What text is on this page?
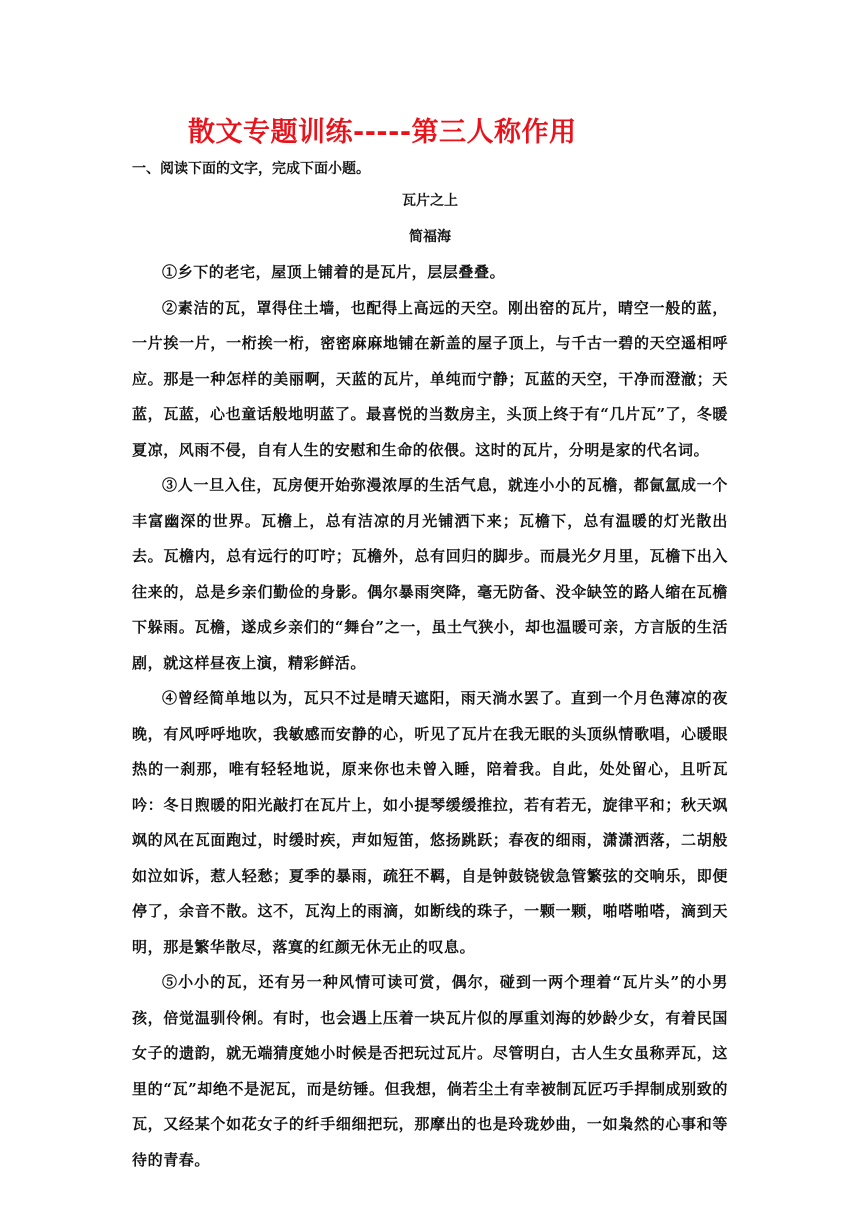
散文专题训练-----第三人称作用

一、阅读下面的文字，完成下面小题。

瓦片之上

简福海

①乡下的老宅，屋顶上铺着的是瓦片，层层叠叠。

②素洁的瓦，罩得住土墙，也配得上高远的天空。刚出窑的瓦片，晴空一般的蓝，一片挨一片，一桁挨一桁，密密麻麻地铺在新盖的屋子顶上，与千古一碧的天空遥相呼应。那是一种怎样的美丽啊，天蓝的瓦片，单纯而宁静；瓦蓝的天空，干净而澄澈；天蓝，瓦蓝，心也童话般地明蓝了。最喜悦的当数房主，头顶上终于有“几片瓦”了，冬暖夏凉，风雨不侵，自有人生的安慰和生命的依偎。这时的瓦片，分明是家的代名词。

③人一旦入住，瓦房便开始弥漫浓厚的生活气息，就连小小的瓦檐，都氤氲成一个丰富幽深的世界。瓦檐上，总有洁凉的月光铺洒下来；瓦檐下，总有温暖的灯光散出去。瓦檐内，总有远行的叮咛；瓦檐外，总有回归的脚步。而晨光夕月里，瓦檐下出入往来的，总是乡亲们勤俭的身影。偶尔暴雨突降，毫无防备、没伞缺笠的路人缩在瓦檐下躲雨。瓦檐，遂成乡亲们的“舞台”之一，虽土气狭小，却也温暖可亲，方言版的生活剧，就这样昼夜上演，精彩鲜活。

④曾经简单地以为，瓦只不过是晴天遮阳，雨天淌水罢了。直到一个月色薄凉的夜晚，有风呼呼地吹，我敏感而安静的心，听见了瓦片在我无眠的头顶纵情歌唱，心暖眼热的一刹那，唯有轻轻地说，原来你也未曾入睡，陪着我。自此，处处留心，且听瓦吟：冬日煦暖的阳光敲打在瓦片上，如小提琴缓缓推拉，若有若无，旋律平和；秋天飒飒的风在瓦面跑过，时缓时疾，声如短笛，悠扬跳跃；春夜的细雨，潇潇洒落，二胡般如泣如诉，惹人轻愁；夏季的暴雨，疏狂不羁，自是钟鼓铙钹急管繁弦的交响乐，即便停了，余音不散。这不，瓦沟上的雨滴，如断线的珠子，一颗一颗，啪嗒啪嗒，滴到天明，那是繁华散尽，落寞的红颜无休无止的叹息。

⑤小小的瓦，还有另一种风情可读可赏，偶尔，碰到一两个理着“瓦片头”的小男孩，倍觉温驯伶俐。有时，也会遇上压着一块瓦片似的厚重刘海的妙龄少女，有着民国女子的遗韵，就无端猜度她小时候是否把玩过瓦片。尽管明白，古人生女虽称弄瓦，这里的“瓦”却绝不是泥瓦，而是纺锤。但我想，倘若尘土有幸被制瓦匠巧手捍制成别致的瓦，又经某个如花女子的纤手细细把玩，那摩出的也是玲珑妙曲，一如枭然的心事和等待的青春。
